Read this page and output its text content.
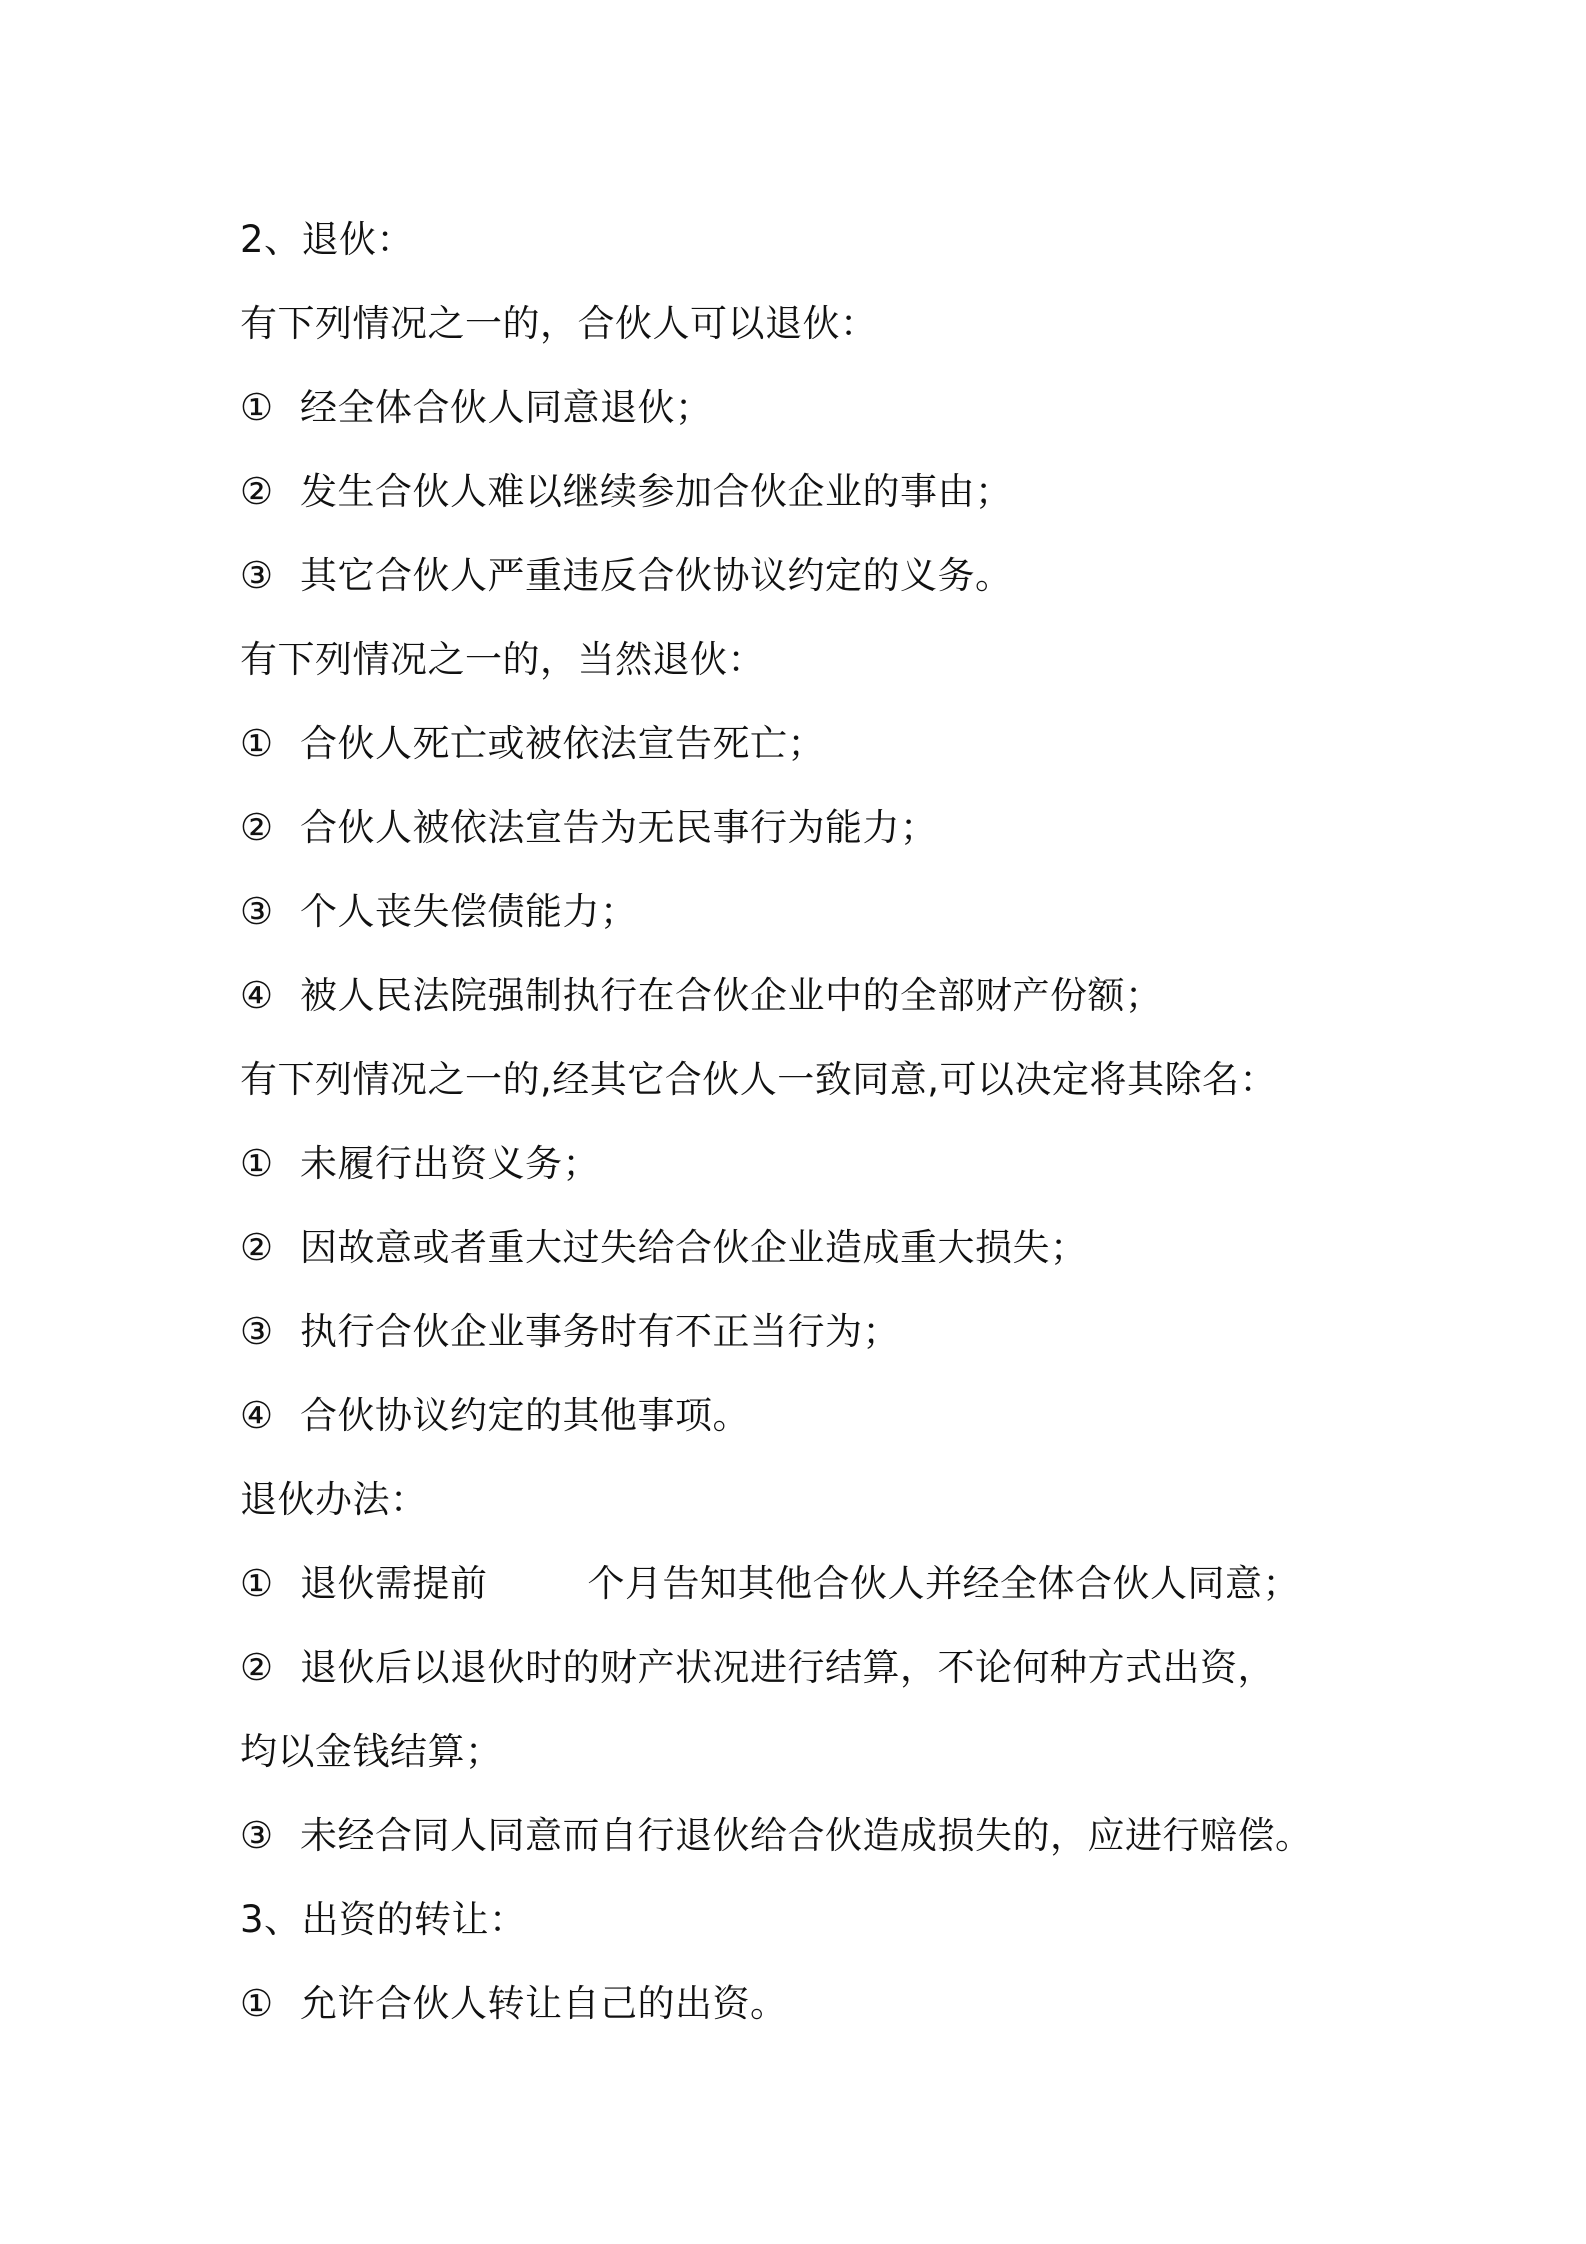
2、退伙：
有下列情况之一的，合伙人可以退伙：
① 经全体合伙人同意退伙；
② 发生合伙人难以继续参加合伙企业的事由；
③ 其它合伙人严重违反合伙协议约定的义务。
有下列情况之一的，当然退伙：
① 合伙人死亡或被依法宣告死亡；
② 合伙人被依法宣告为无民事行为能力；
③ 个人丧失偿债能力；
④ 被人民法院强制执行在合伙企业中的全部财产份额；
有下列情况之一的,经其它合伙人一致同意,可以决定将其除名：
① 未履行出资义务；
② 因故意或者重大过失给合伙企业造成重大损失；
③ 执行合伙企业事务时有不正当行为；
④ 合伙协议约定的其他事项。
退伙办法：
① 退伙需提前	个月告知其他合伙人并经全体合伙人同意；
② 退伙后以退伙时的财产状况进行结算，不论何种方式出资，
均以金钱结算；
③ 未经合同人同意而自行退伙给合伙造成损失的，应进行赔偿。
3、出资的转让：
① 允许合伙人转让自己的出资。
